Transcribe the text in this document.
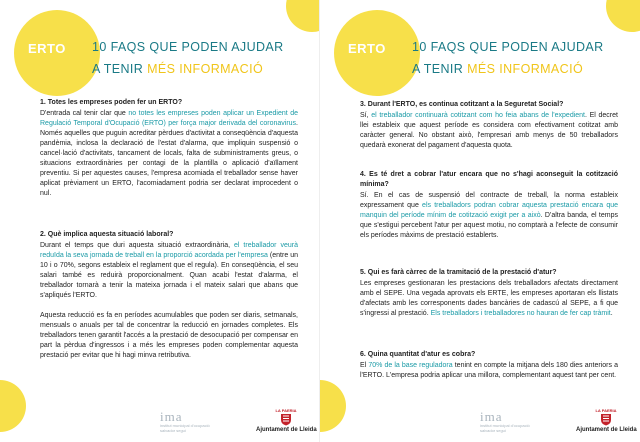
ERTO 10 FAQS QUE PODEN AJUDAR
A TENIR MÉS INFORMACIÓ
1. Totes les empreses poden fer un ERTO?

D'entrada cal tenir clar que no totes les empreses poden aplicar un Expedient de Regulació Temporal d'Ocupació (ERTO) per força major derivada del coronavirus. Només aquelles que puguin acreditar pèrdues d'activitat a conseqüència d'aquesta pandèmia, inclosa la declaració de l'estat d'alarma, que impliquin suspensió o cancel·lació d'activitats, tancament de locals, falta de subministraments greus, o situacions extraordinàries per contagi de la plantilla o aplicació d'aïllament preventiu. Si per aquestes causes, l'empresa acomiada el treballador sense haver aplicat prèviament un ERTO, l'acomiadament podria ser declarat improcedent o nul.

2. Què implica aquesta situació laboral?

Durant el temps que duri aquesta situació extraordinària, el treballador veurà reduïda la seva jornada de treball en la proporció acordada per l'empresa (entre un 10 i o 70%, segons estableix el reglament que el regula). En conseqüència, el seu salari també es reduirà proporcionalment. Quan acabi l'estat d'alarma, el treballador tornarà a tenir la mateixa jornada i el mateix salari que abans que s'apliqués l'ERTO.

Aquesta reducció es fa en períodes acumulables que poden ser diaris, setmanals, mensuals o anuals per tal de concentrar la reducció en jornades completes. Els treballadors tenen garantit l'accés a la prestació de desocupació per compensar en part la pèrdua d'ingressos i a més les empreses poden complementar aquesta prestació per evitar que hi hagi minva retributiva.

ima
institut municipal d'ocupació
salvador seguí
LA PAERIA
Ajuntament de Lleida
ERTO 10 FAQS QUE PODEN AJUDAR
A TENIR MÉS INFORMACIÓ
3. Durant l'ERTO, es continua cotitzant a la Seguretat Social?

Sí, el treballador continuarà cotitzant com ho feia abans de l'expedient. El decret llei estableix que aquest període es considera com efectivament cotitzat amb caràcter general. No obstant això, l'empresari amb menys de 50 treballadors quedarà exonerat del pagament d'aquesta quota.

4. Es té dret a cobrar l'atur encara que no s'hagi aconseguit la cotització mínima?

Sí. En el cas de suspensió del contracte de treball, la norma estableix expressament que els treballadors podran cobrar aquesta prestació encara que manquin del període mínim de cotització exigit per a això. D'altra banda, el temps que s'estigui percebent l'atur per aquest motiu, no comptarà a l'efecte de consumir els períodes màxims de prestació establerts.

5. Qui es farà càrrec de la tramitació de la prestació d'atur?

Les empreses gestionaran les prestacions dels treballadors afectats directament amb el SEPE. Una vegada aprovats els ERTE, les empreses aportaran els llistats d'afectats amb les corresponents dades bancàries de cadascú al SEPE, a fi que s'ingressi al prestació. Els treballadors i treballadores no hauran de fer cap tràmit.

6. Quina quantitat d'atur es cobra?

El 70% de la base reguladora tenint en compte la mitjana dels 180 dies anteriors a l'ERTO. L'empresa podria aplicar una millora, complementant aquest tant per cent.

ima
institut municipal d'ocupació
salvador seguí
LA PAERIA
Ajuntament de Lleida
